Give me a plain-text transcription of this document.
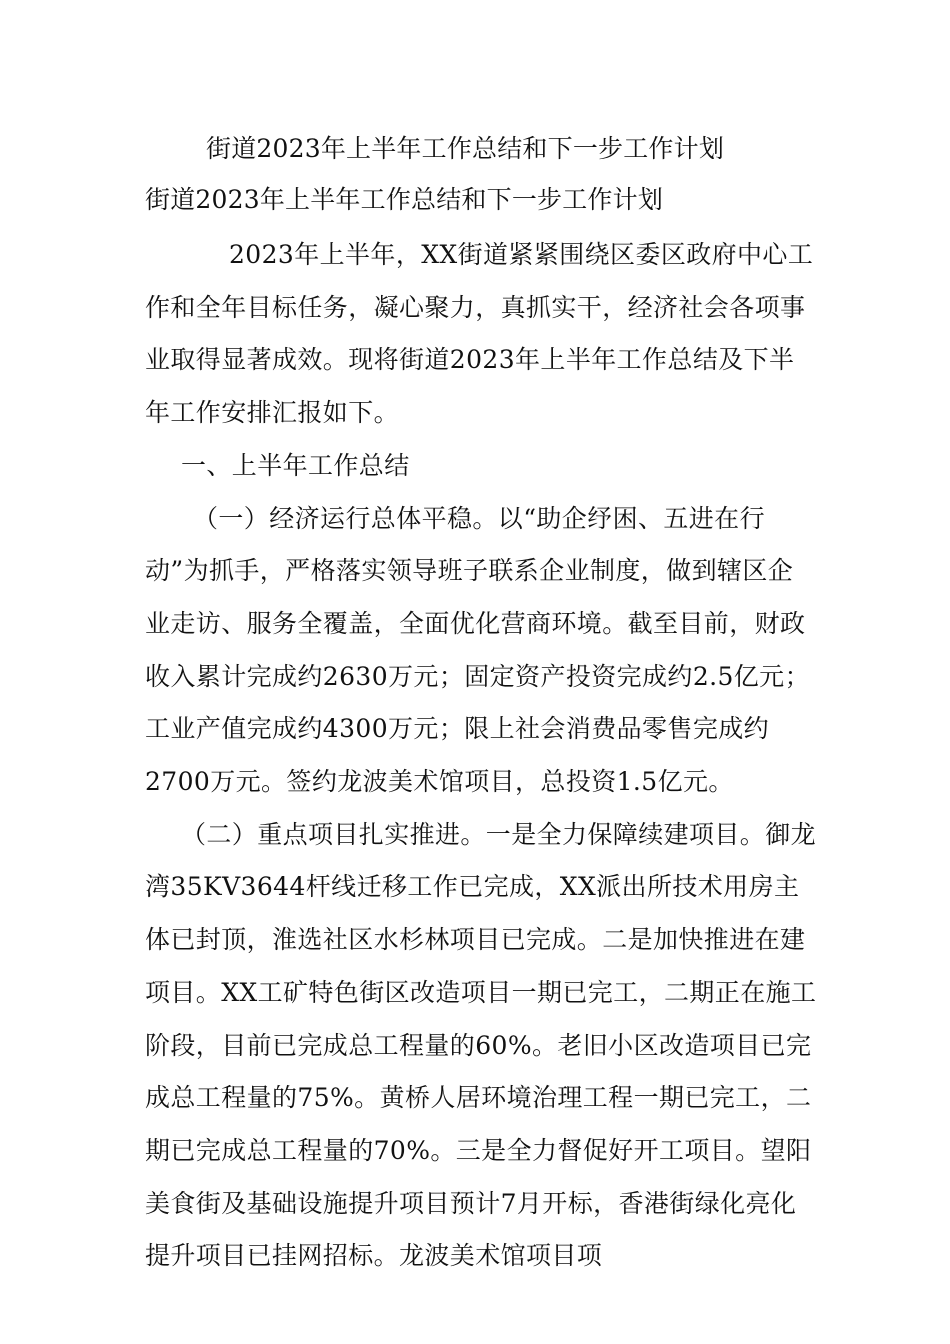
街道2023年上半年工作总结和下一步工作计划
街道2023年上半年工作总结和下一步工作计划

2023年上半年，XX街道紧紧围绕区委区政府中心工作和全年目标任务，凝心聚力，真抓实干，经济社会各项事业取得显著成效。现将街道2023年上半年工作总结及下半年工作安排汇报如下。

一、上半年工作总结

（一）经济运行总体平稳。以“助企纾困、五进在行动”为抓手，严格落实领导班子联系企业制度，做到辖区企业走访、服务全覆盖，全面优化营商环境。截至目前，财政收入累计完成约2630万元；固定资产投资完成约2.5亿元；工业产值完成约4300万元；限上社会消费品零售完成约2700万元。签约龙波美术馆项目，总投资1.5亿元。

（二）重点项目扎实推进。一是全力保障续建项目。御龙湾35KV3644杆线迁移工作已完成，XX派出所技术用房主体已封顶，淮选社区水杉林项目已完成。二是加快推进在建项目。XX工矿特色街区改造项目一期已完工，二期正在施工阶段，目前已完成总工程量的60%。老旧小区改造项目已完成总工程量的75%。黄桥人居环境治理工程一期已完工，二期已完成总工程量的70%。三是全力督促好开工项目。望阳美食街及基础设施提升项目预计7月开标，香港街绿化亮化提升项目已挂网招标。龙波美术馆项目项
